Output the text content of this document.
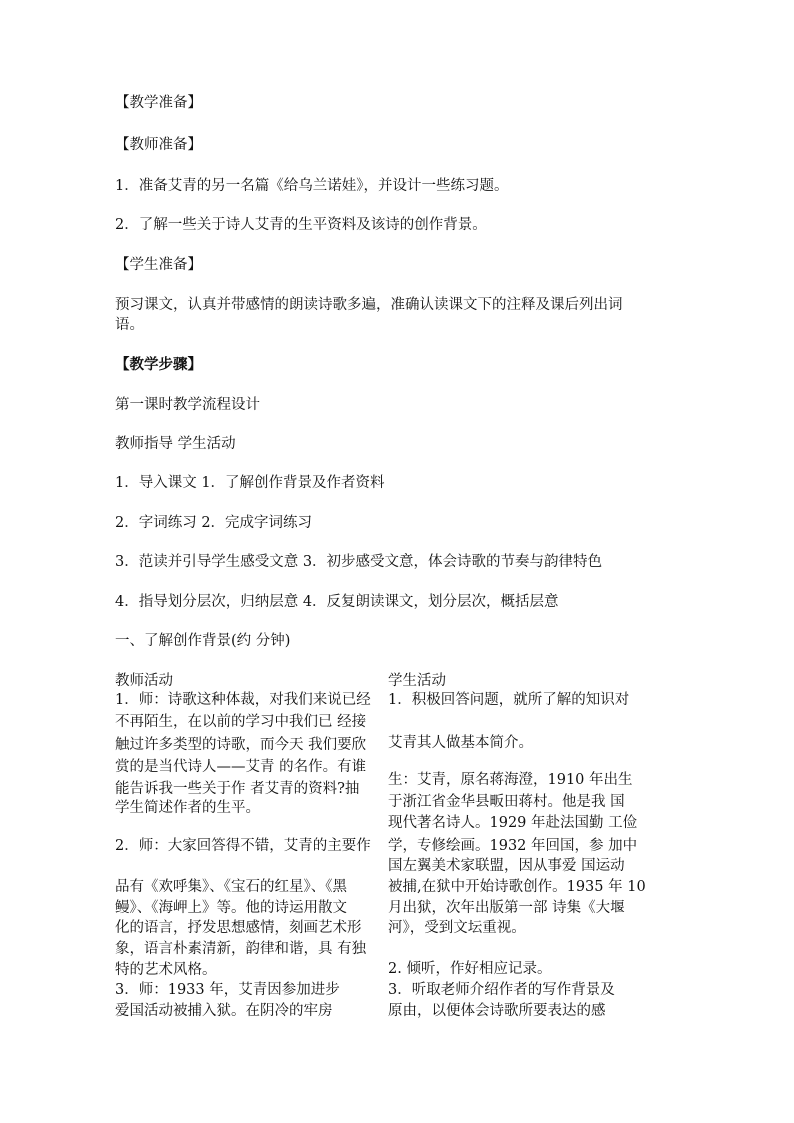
【教学准备】
【教师准备】
1．准备艾青的另一名篇《给乌兰诺娃》，并设计一些练习题。
2．了解一些关于诗人艾青的生平资料及该诗的创作背景。
【学生准备】
预习课文，认真并带感情的朗读诗歌多遍，准确认读课文下的注释及课后列出词
语。
【教学步骤】
第一课时教学流程设计
教师指导 学生活动
1．导入课文 1．了解创作背景及作者资料
2．字词练习 2．完成字词练习
3．范读并引导学生感受文意 3．初步感受文意，体会诗歌的节奏与韵律特色
4．指导划分层次，归纳层意 4．反复朗读课文，划分层次，概括层意
一、了解创作背景(约 分钟)
教师活动	学生活动
1．师：诗歌这种体裁，对我们来说已经
不再陌生，在以前的学习中我们已 经接
触过许多类型的诗歌，而今天 我们要欣
赏的是当代诗人——艾青 的名作。有谁
能告诉我一些关于作 者艾青的资料?抽
学生简述作者的生平。
2．师：大家回答得不错，艾青的主要作
品有《欢呼集》、《宝石的红星》、《黑
鳗》、《海岬上》等。他的诗运用散文
化的语言，抒发思想感情，刻画艺术形
象，语言朴素清新，韵律和谐，具 有独
特的艺术风格。
3．师：1933 年，艾青因参加进步
爱国活动被捕入狱。在阴冷的牢房
1．积极回答问题，就所了解的知识对
艾青其人做基本简介。
生：艾青，原名蒋海澄，1910 年出生
于浙江省金华县畈田蒋村。他是我 国
现代著名诗人。1929 年赴法国勤 工俭
学，专修绘画。1932 年回国，参 加中
国左翼美术家联盟，因从事爱 国运动
被捕,在狱中开始诗歌创作。1935 年 10
月出狱，次年出版第一部 诗集《大堰
河》，受到文坛重视。
2. 倾听，作好相应记录。
3．听取老师介绍作者的写作背景及
原由，以便体会诗歌所要表达的感
